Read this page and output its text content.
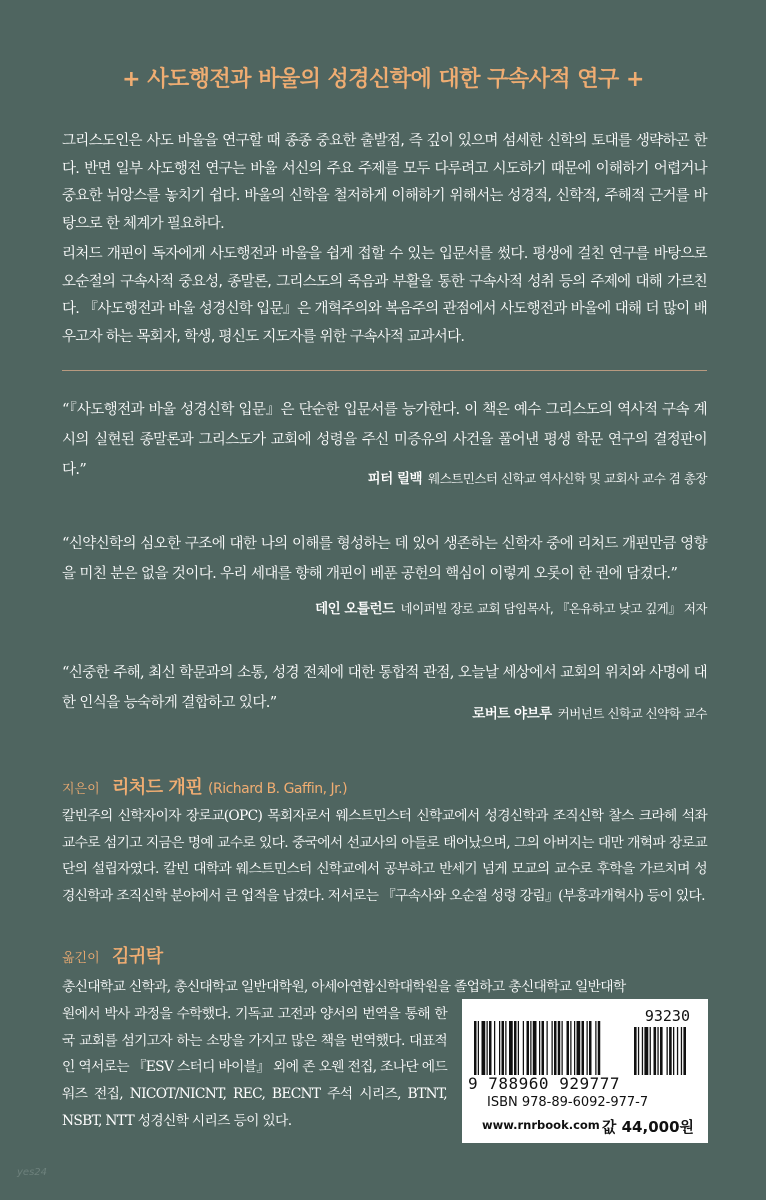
+ 사도행전과 바울의 성경신학에 대한 구속사적 연구 +

그리스도인은 사도 바울을 연구할 때 종종 중요한 출발점, 즉 깊이 있으며 섬세한 신학의 토대를 생략하곤 한다. 반면 일부 사도행전 연구는 바울 서신의 주요 주제를 모두 다루려고 시도하기 때문에 이해하기 어렵거나 중요한 뉘앙스를 놓치기 쉽다. 바울의 신학을 철저하게 이해하기 위해서는 성경적, 신학적, 주해적 근거를 바탕으로 한 체계가 필요하다.

리처드 개핀이 독자에게 사도행전과 바울을 쉽게 접할 수 있는 입문서를 썼다. 평생에 걸친 연구를 바탕으로 오순절의 구속사적 중요성, 종말론, 그리스도의 죽음과 부활을 통한 구속사적 성취 등의 주제에 대해 가르친다. 『사도행전과 바울 성경신학 입문』은 개혁주의와 복음주의 관점에서 사도행전과 바울에 대해 더 많이 배우고자 하는 목회자, 학생, 평신도 지도자를 위한 구속사적 교과서다.

“『사도행전과 바울 성경신학 입문』은 단순한 입문서를 능가한다. 이 책은 예수 그리스도의 역사적 구속 계시의 실현된 종말론과 그리스도가 교회에 성령을 주신 미증유의 사건을 풀어낸 평생 학문 연구의 결정판이다.”

피터 릴백 웨스트민스터 신학교 역사신학 및 교회사 교수 겸 총장

“신약신학의 심오한 구조에 대한 나의 이해를 형성하는 데 있어 생존하는 신학자 중에 리처드 개핀만큼 영향을 미친 분은 없을 것이다. 우리 세대를 향해 개핀이 베푼 공헌의 핵심이 이렇게 오롯이 한 권에 담겼다.”

데인 오틀런드 네이퍼빌 장로 교회 담임목사, 『온유하고 낮고 깊게』 저자

“신중한 주해, 최신 학문과의 소통, 성경 전체에 대한 통합적 관점, 오늘날 세상에서 교회의 위치와 사명에 대한 인식을 능숙하게 결합하고 있다.”

로버트 야브루 커버넌트 신학교 신약학 교수
지은이 리처드 개핀 (Richard B. Gaffin, Jr.)

칼빈주의 신학자이자 장로교(OPC) 목회자로서 웨스트민스터 신학교에서 성경신학과 조직신학 찰스 크라헤 석좌 교수로 섬기고 지금은 명예 교수로 있다. 중국에서 선교사의 아들로 태어났으며, 그의 아버지는 대만 개혁파 장로교단의 설립자였다. 칼빈 대학과 웨스트민스터 신학교에서 공부하고 반세기 넘게 모교의 교수로 후학을 가르치며 성경신학과 조직신학 분야에서 큰 업적을 남겼다. 저서로는 『구속사와 오순절 성령 강림』(부흥과개혁사) 등이 있다.

옮긴이 김귀탁

총신대학교 신학과, 총신대학교 일반대학원, 아세아연합신학대학원을 졸업하고 총신대학교 일반대학

원에서 박사 과정을 수학했다. 기독교 고전과 양서의 번역을 통해 한국 교회를 섬기고자 하는 소망을 가지고 많은 책을 번역했다. 대표적인 역서로는 『ESV 스터디 바이블』 외에 존 오웬 전집, 조나단 에드워즈 전집, NICOT/NICNT, REC, BECNT 주석 시리즈, BTNT, NSBT, NTT 성경신학 시리즈 등이 있다.

93230
9 788960 929777
ISBN 978-89-6092-977-7
www.rnrbook.com 값 44,000원
yes24
